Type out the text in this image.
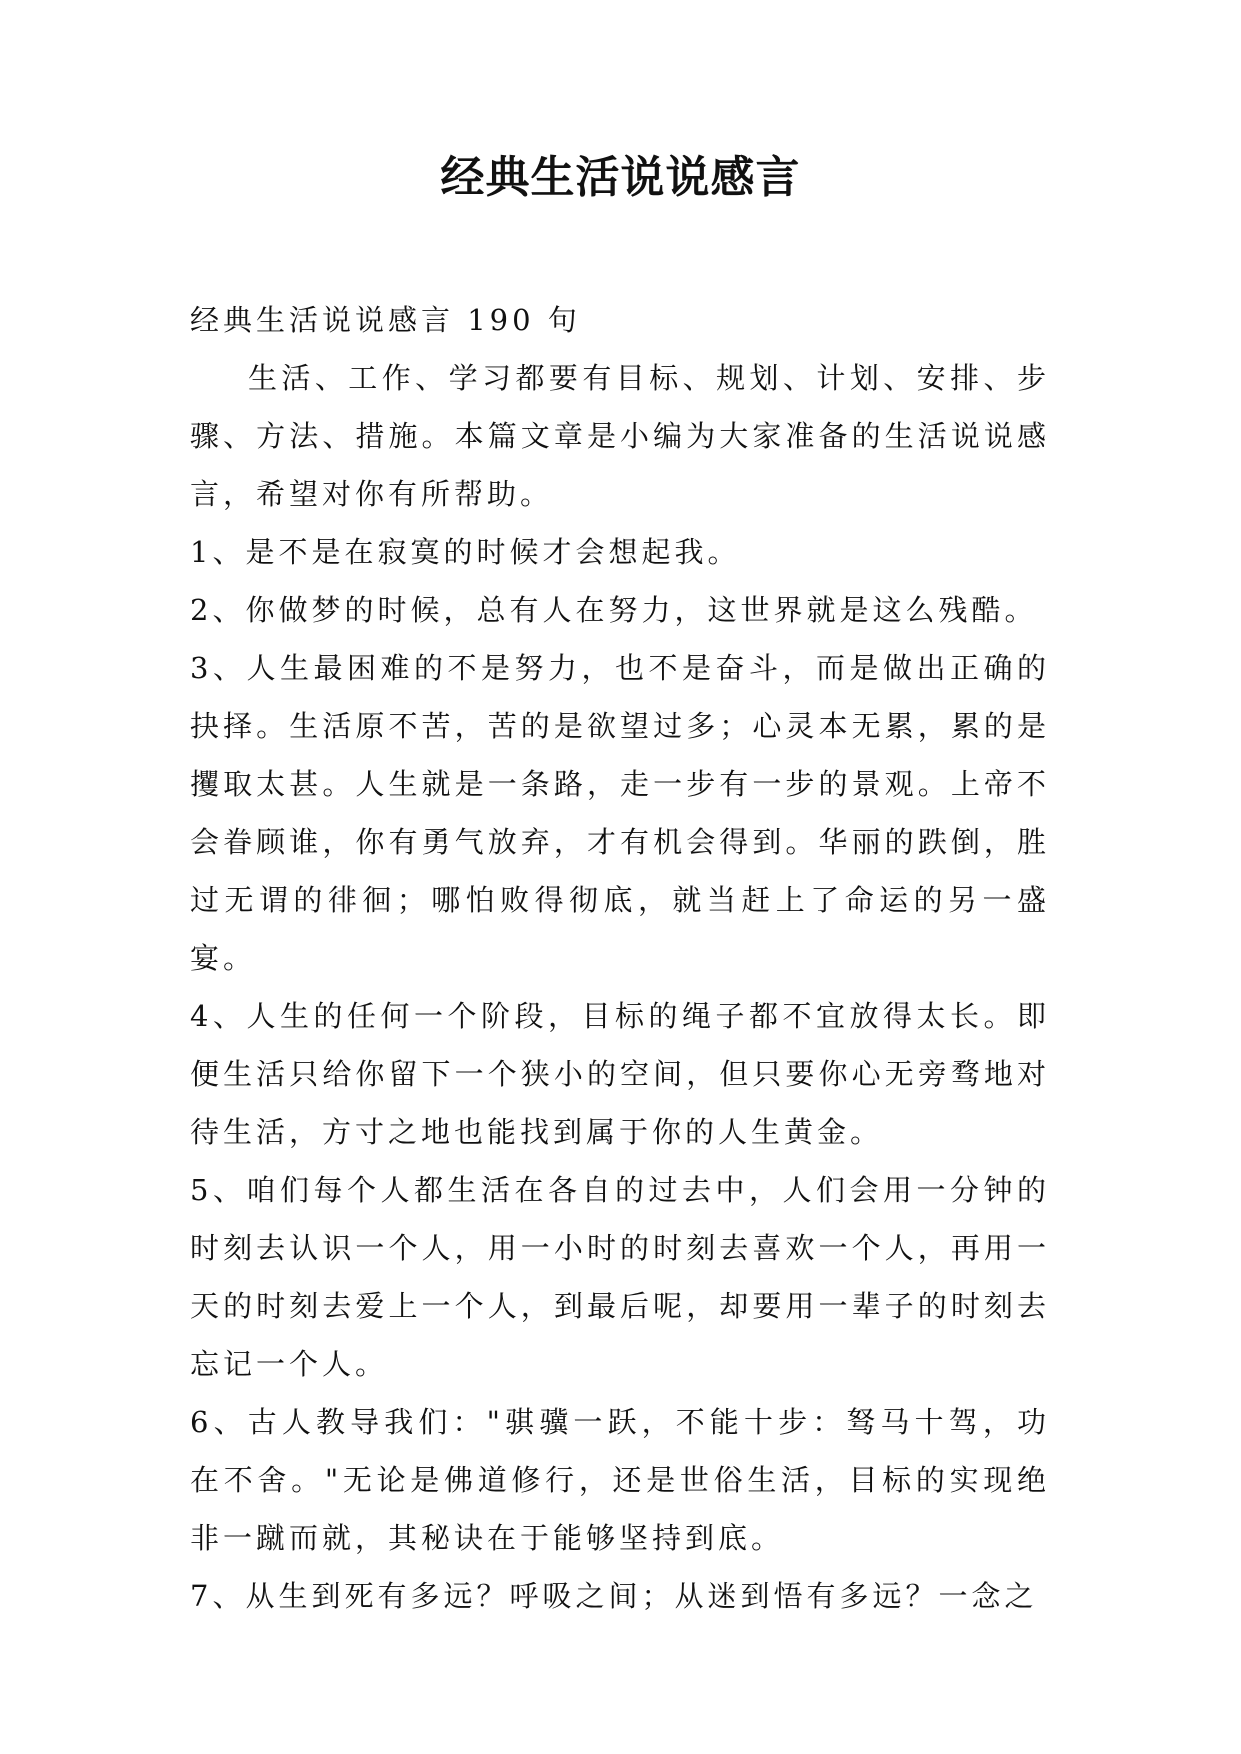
经典生活说说感言

经典生活说说感言 190 句

生活、工作、学习都要有目标、规划、计划、安排、步骤、方法、措施。本篇文章是小编为大家准备的生活说说感言，希望对你有所帮助。

1、是不是在寂寞的时候才会想起我。

2、你做梦的时候，总有人在努力，这世界就是这么残酷。

3、人生最困难的不是努力，也不是奋斗，而是做出正确的抉择。生活原不苦，苦的是欲望过多；心灵本无累，累的是攫取太甚。人生就是一条路，走一步有一步的景观。上帝不会眷顾谁，你有勇气放弃，才有机会得到。华丽的跌倒，胜过无谓的徘徊；哪怕败得彻底，就当赶上了命运的另一盛宴。

4、人生的任何一个阶段，目标的绳子都不宜放得太长。即便生活只给你留下一个狭小的空间，但只要你心无旁骛地对待生活，方寸之地也能找到属于你的人生黄金。

5、咱们每个人都生活在各自的过去中，人们会用一分钟的时刻去认识一个人，用一小时的时刻去喜欢一个人，再用一天的时刻去爱上一个人，到最后呢，却要用一辈子的时刻去忘记一个人。

6、古人教导我们："骐骥一跃，不能十步：驽马十驾，功在不舍。"无论是佛道修行，还是世俗生活，目标的实现绝非一蹴而就，其秘诀在于能够坚持到底。

7、从生到死有多远？呼吸之间；从迷到悟有多远？一念之
